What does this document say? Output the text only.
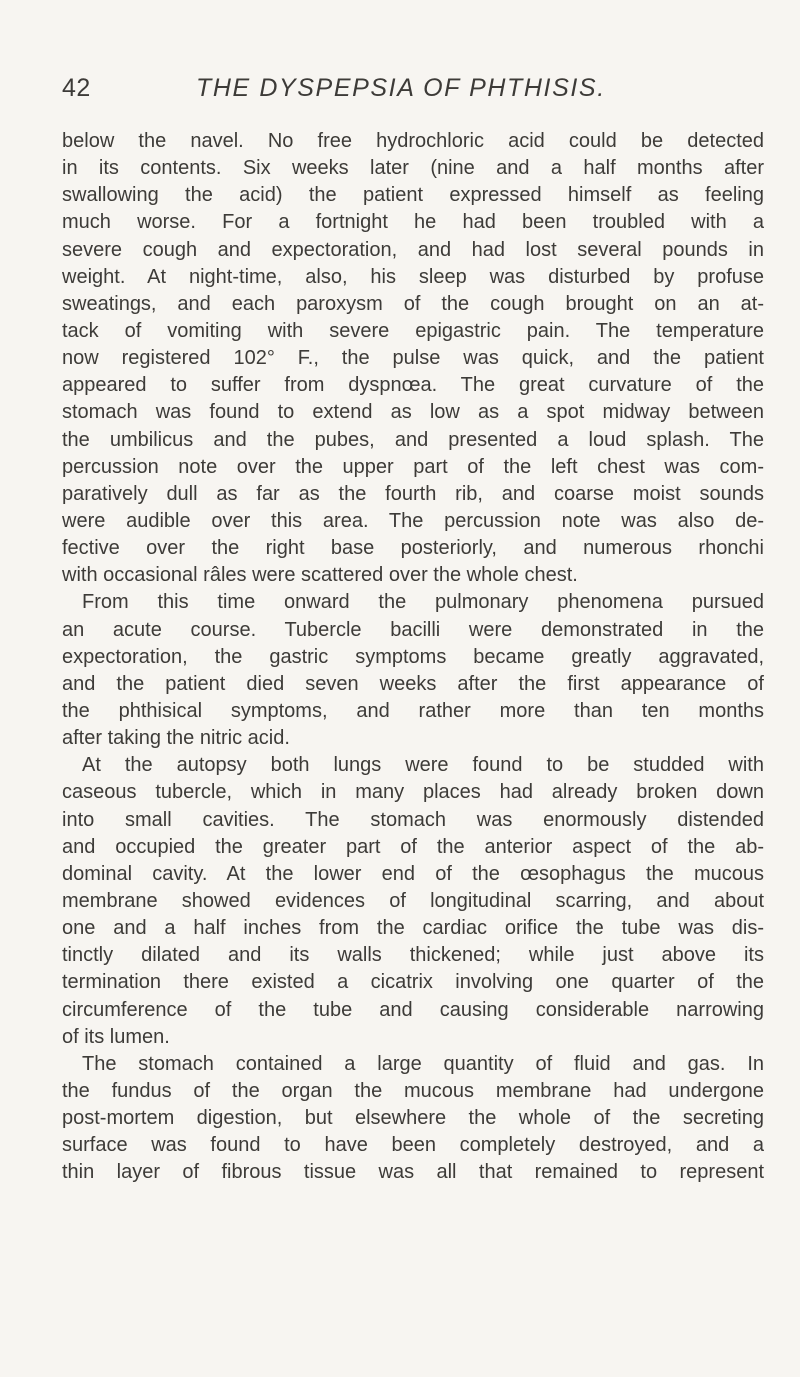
42	THE DYSPEPSIA OF PHTHISIS.
below the navel. No free hydrochloric acid could be detected
in its contents. Six weeks later (nine and a half months after
swallowing the acid) the patient expressed himself as feeling
much worse. For a fortnight he had been troubled with a
severe cough and expectoration, and had lost several pounds in
weight. At night-time, also, his sleep was disturbed by profuse
sweatings, and each paroxysm of the cough brought on an at-
tack of vomiting with severe epigastric pain. The temperature
now registered 102° F., the pulse was quick, and the patient
appeared to suffer from dyspnœa. The great curvature of the
stomach was found to extend as low as a spot midway between
the umbilicus and the pubes, and presented a loud splash. The
percussion note over the upper part of the left chest was com-
paratively dull as far as the fourth rib, and coarse moist sounds
were audible over this area. The percussion note was also de-
fective over the right base posteriorly, and numerous rhonchi
with occasional râles were scattered over the whole chest.
From this time onward the pulmonary phenomena pursued
an acute course. Tubercle bacilli were demonstrated in the
expectoration, the gastric symptoms became greatly aggravated,
and the patient died seven weeks after the first appearance of
the phthisical symptoms, and rather more than ten months
after taking the nitric acid.
At the autopsy both lungs were found to be studded with
caseous tubercle, which in many places had already broken down
into small cavities. The stomach was enormously distended
and occupied the greater part of the anterior aspect of the ab-
dominal cavity. At the lower end of the œsophagus the mucous
membrane showed evidences of longitudinal scarring, and about
one and a half inches from the cardiac orifice the tube was dis-
tinctly dilated and its walls thickened; while just above its
termination there existed a cicatrix involving one quarter of the
circumference of the tube and causing considerable narrowing
of its lumen.
The stomach contained a large quantity of fluid and gas. In
the fundus of the organ the mucous membrane had undergone
post-mortem digestion, but elsewhere the whole of the secreting
surface was found to have been completely destroyed, and a
thin layer of fibrous tissue was all that remained to represent
